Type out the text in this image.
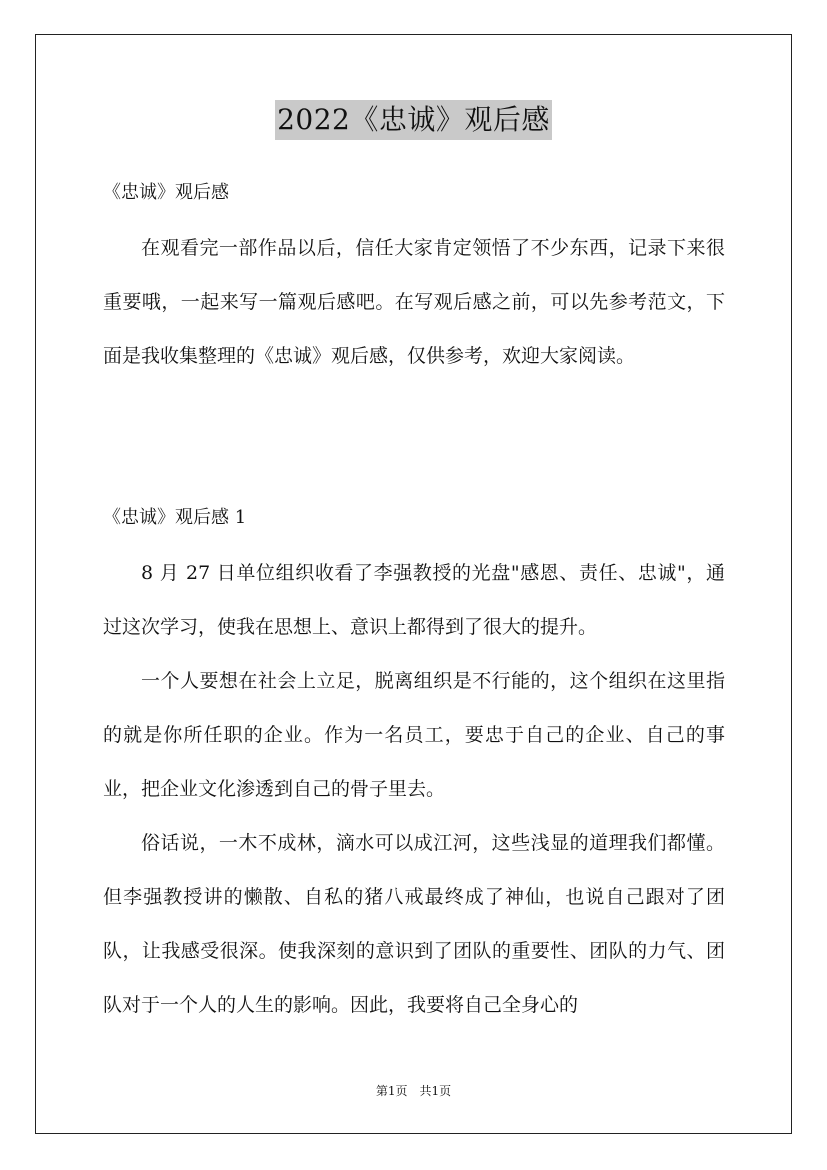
2022《忠诚》观后感
《忠诚》观后感
在观看完一部作品以后，信任大家肯定领悟了不少东西，记录下来很重要哦，一起来写一篇观后感吧。在写观后感之前，可以先参考范文，下面是我收集整理的《忠诚》观后感，仅供参考，欢迎大家阅读。
《忠诚》观后感 1
8 月 27 日单位组织收看了李强教授的光盘"感恩、责任、忠诚"，通过这次学习，使我在思想上、意识上都得到了很大的提升。
一个人要想在社会上立足，脱离组织是不行能的，这个组织在这里指的就是你所任职的企业。作为一名员工，要忠于自己的企业、自己的事业，把企业文化渗透到自己的骨子里去。
俗话说，一木不成林，滴水可以成江河，这些浅显的道理我们都懂。但李强教授讲的懒散、自私的猪八戒最终成了神仙，也说自己跟对了团队，让我感受很深。使我深刻的意识到了团队的重要性、团队的力气、团队对于一个人的人生的影响。因此，我要将自己全身心的
第1页　共1页
